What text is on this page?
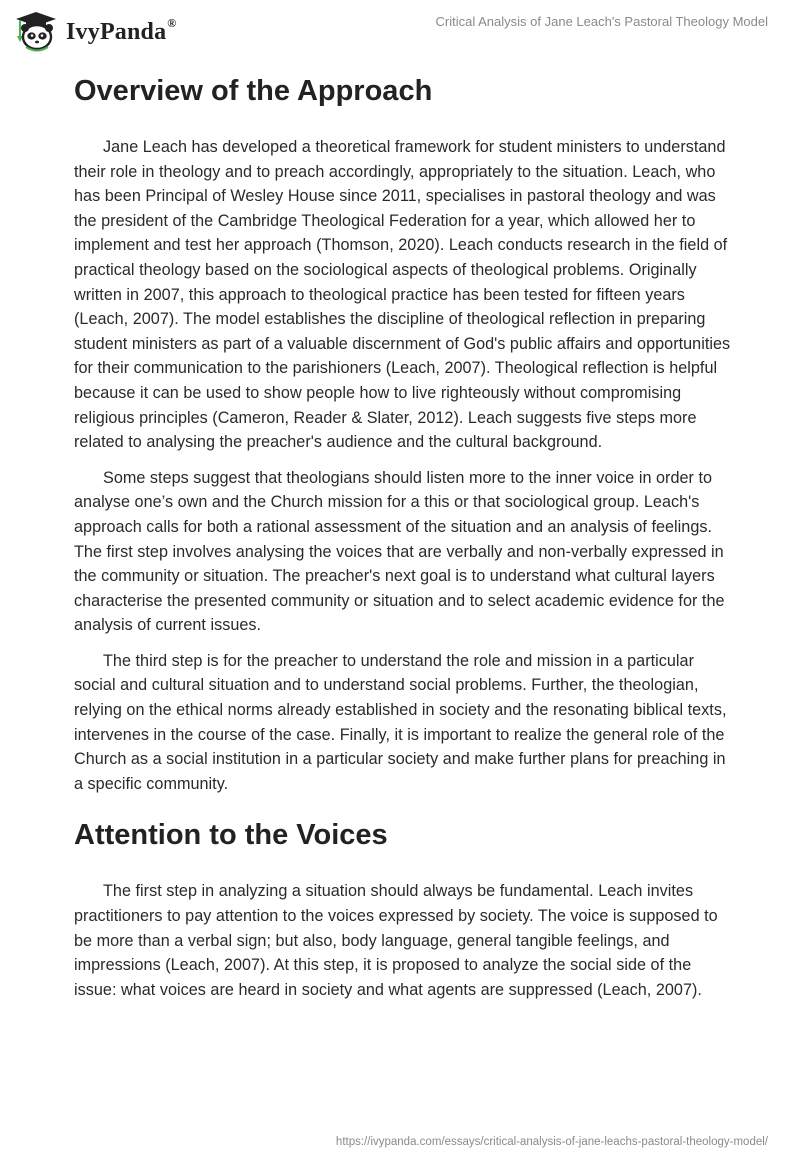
IvyPanda®	Critical Analysis of Jane Leach's Pastoral Theology Model
Overview of the Approach

Jane Leach has developed a theoretical framework for student ministers to understand their role in theology and to preach accordingly, appropriately to the situation. Leach, who has been Principal of Wesley House since 2011, specialises in pastoral theology and was the president of the Cambridge Theological Federation for a year, which allowed her to implement and test her approach (Thomson, 2020). Leach conducts research in the field of practical theology based on the sociological aspects of theological problems. Originally written in 2007, this approach to theological practice has been tested for fifteen years (Leach, 2007). The model establishes the discipline of theological reflection in preparing student ministers as part of a valuable discernment of God's public affairs and opportunities for their communication to the parishioners (Leach, 2007). Theological reflection is helpful because it can be used to show people how to live righteously without compromising religious principles (Cameron, Reader & Slater, 2012). Leach suggests five steps more related to analysing the preacher's audience and the cultural background.

Some steps suggest that theologians should listen more to the inner voice in order to analyse one’s own and the Church mission for a this or that sociological group. Leach's approach calls for both a rational assessment of the situation and an analysis of feelings. The first step involves analysing the voices that are verbally and non-verbally expressed in the community or situation. The preacher's next goal is to understand what cultural layers characterise the presented community or situation and to select academic evidence for the analysis of current issues.

The third step is for the preacher to understand the role and mission in a particular social and cultural situation and to understand social problems. Further, the theologian, relying on the ethical norms already established in society and the resonating biblical texts, intervenes in the course of the case. Finally, it is important to realize the general role of the Church as a social institution in a particular society and make further plans for preaching in a specific community.

Attention to the Voices

The first step in analyzing a situation should always be fundamental. Leach invites practitioners to pay attention to the voices expressed by society. The voice is supposed to be more than a verbal sign; but also, body language, general tangible feelings, and impressions (Leach, 2007). At this step, it is proposed to analyze the social side of the issue: what voices are heard in society and what agents are suppressed (Leach, 2007).

https://ivypanda.com/essays/critical-analysis-of-jane-leachs-pastoral-theology-model/
